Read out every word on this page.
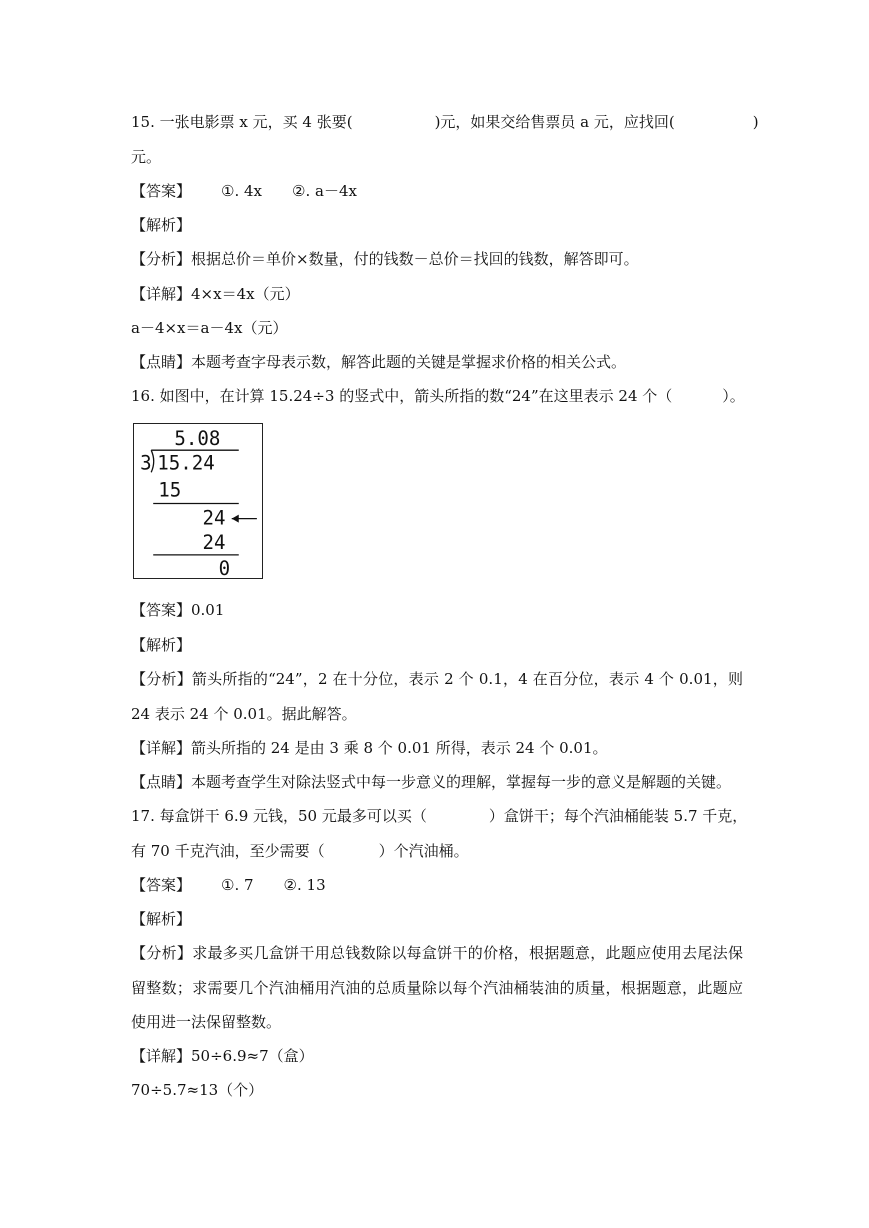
15. 一张电影票 x 元，买 4 张要(	)元，如果交给售票员 a 元，应找回(	)
元。
【答案】 ①. 4x ②. a－4x
【解析】
【分析】根据总价＝单价×数量，付的钱数－总价＝找回的钱数，解答即可。
【详解】4×x＝4x（元）
a－4×x＝a－4x（元）
【点睛】本题考查字母表示数，解答此题的关键是掌握求价格的相关公式。
16. 如图中，在计算 15.24÷3 的竖式中，箭头所指的数“24”在这里表示 24 个（	）。
5.08
3 15.24
15
24
24
0
【答案】0.01
【解析】
【分析】箭头所指的“24”，2 在十分位，表示 2 个 0.1，4 在百分位，表示 4 个 0.01，则
24 表示 24 个 0.01。据此解答。
【详解】箭头所指的 24 是由 3 乘 8 个 0.01 所得，表示 24 个 0.01。
【点睛】本题考查学生对除法竖式中每一步意义的理解，掌握每一步的意义是解题的关键。
17. 每盒饼干 6.9 元钱，50 元最多可以买（	）盒饼干；每个汽油桶能装 5.7 千克，
有 70 千克汽油，至少需要（	）个汽油桶。
【答案】 ①. 7 ②. 13
【解析】
【分析】求最多买几盒饼干用总钱数除以每盒饼干的价格，根据题意，此题应使用去尾法保
留整数；求需要几个汽油桶用汽油的总质量除以每个汽油桶装油的质量，根据题意，此题应
使用进一法保留整数。
【详解】50÷6.9≈7（盒）
70÷5.7≈13（个）
